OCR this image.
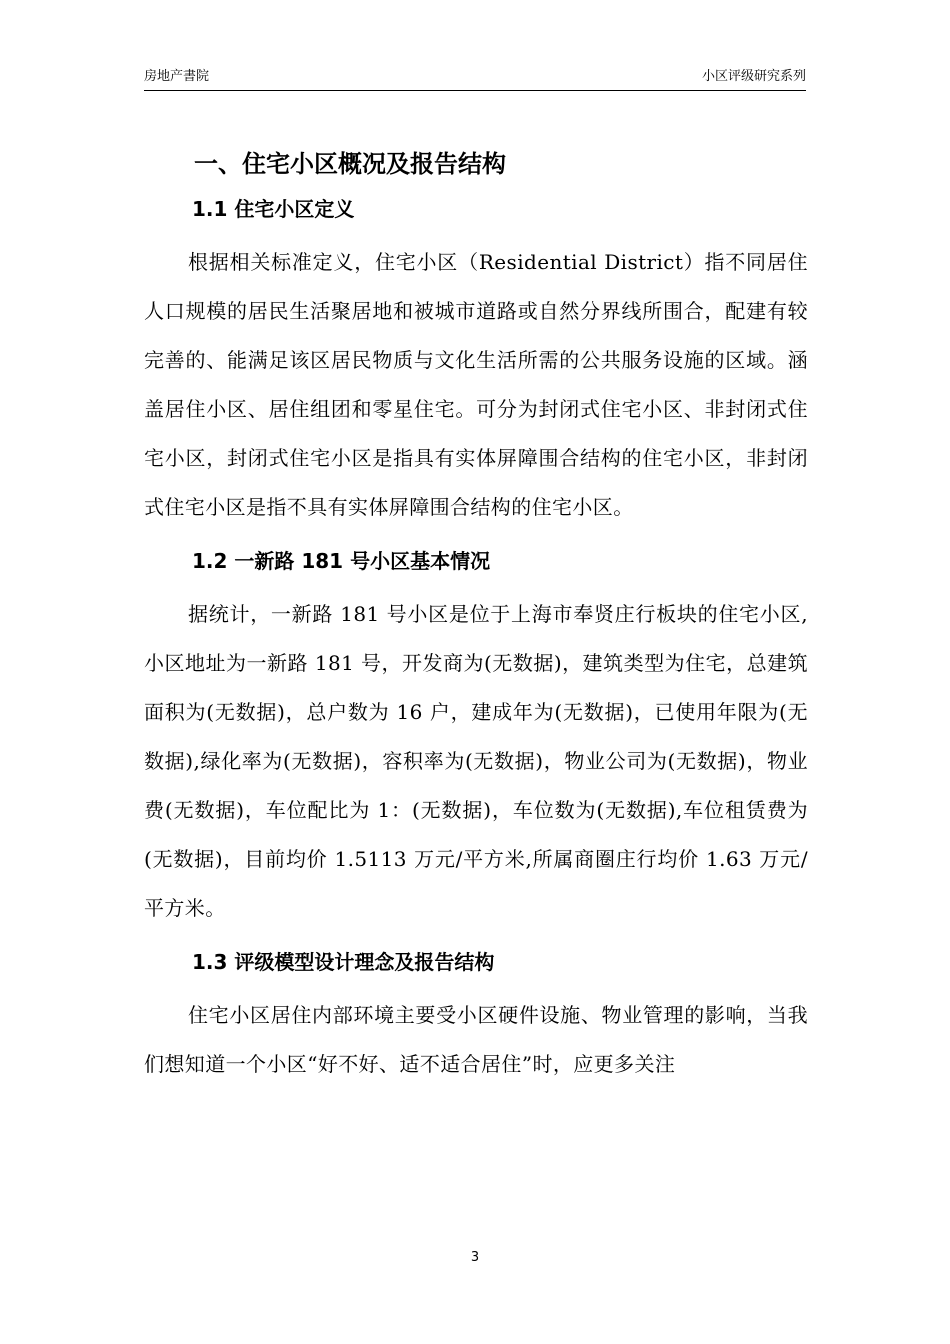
房地产書院	小区评级研究系列
一、住宅小区概况及报告结构
1.1 住宅小区定义

根据相关标准定义，住宅小区（Residential District）指不同居住人口规模的居民生活聚居地和被城市道路或自然分界线所围合，配建有较完善的、能满足该区居民物质与文化生活所需的公共服务设施的区域。涵盖居住小区、居住组团和零星住宅。可分为封闭式住宅小区、非封闭式住宅小区，封闭式住宅小区是指具有实体屏障围合结构的住宅小区，非封闭式住宅小区是指不具有实体屏障围合结构的住宅小区。

1.2 一新路 181 号小区基本情况

据统计，一新路 181 号小区是位于上海市奉贤庄行板块的住宅小区,小区地址为一新路 181 号，开发商为(无数据)，建筑类型为住宅，总建筑面积为(无数据)，总户数为 16 户，建成年为(无数据)，已使用年限为(无数据),绿化率为(无数据)，容积率为(无数据)，物业公司为(无数据)，物业费(无数据)，车位配比为 1：(无数据)，车位数为(无数据),车位租赁费为(无数据)，目前均价 1.5113 万元/平方米,所属商圈庄行均价 1.63 万元/平方米。

1.3 评级模型设计理念及报告结构

住宅小区居住内部环境主要受小区硬件设施、物业管理的影响，当我们想知道一个小区“好不好、适不适合居住”时，应更多关注

3
